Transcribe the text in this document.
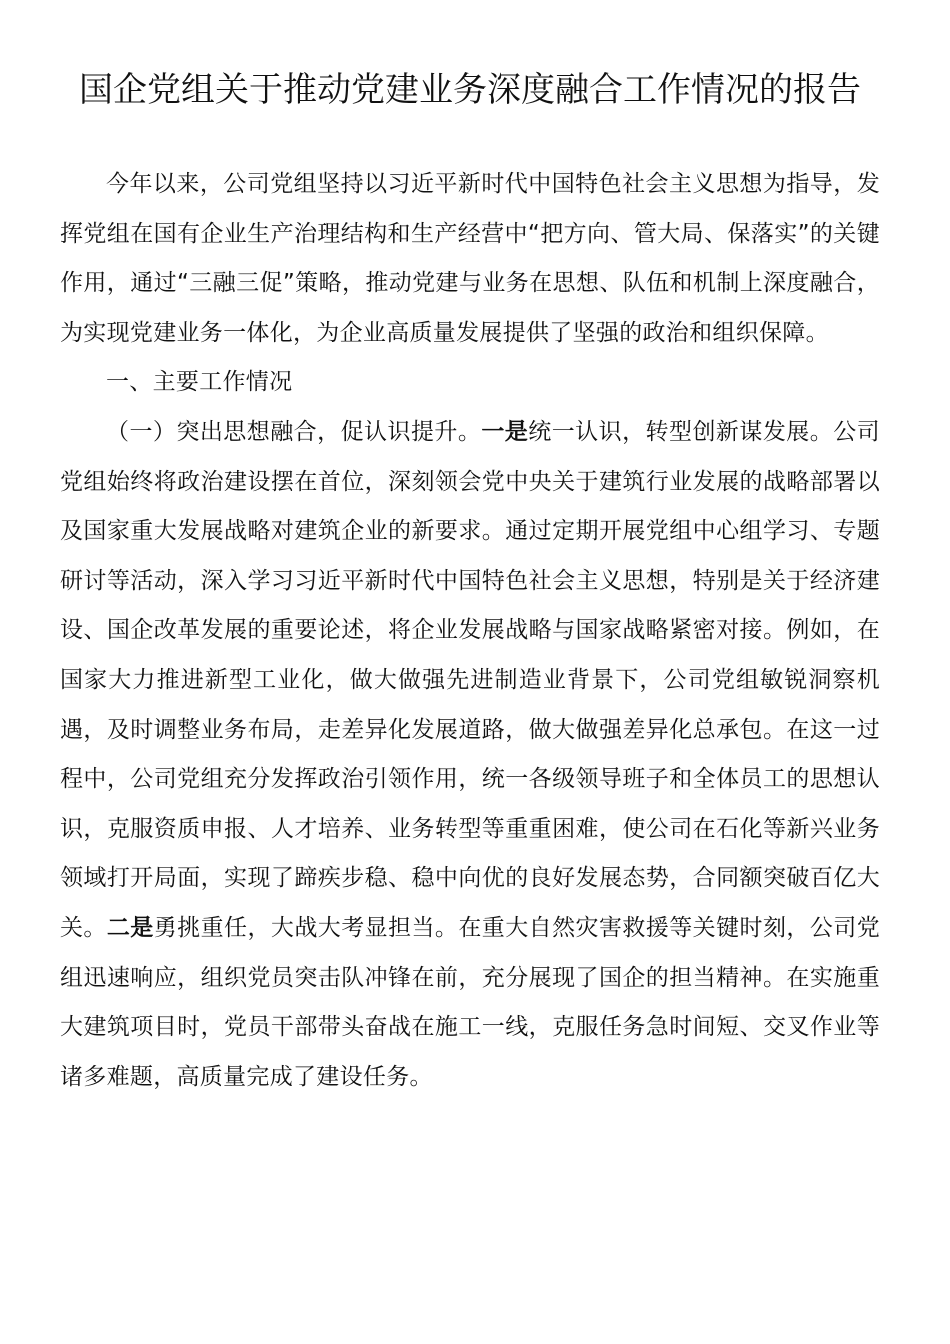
国企党组关于推动党建业务深度融合工作情况的报告

今年以来，公司党组坚持以习近平新时代中国特色社会主义思想为指导，发挥党组在国有企业生产治理结构和生产经营中“把方向、管大局、保落实”的关键作用，通过“三融三促”策略，推动党建与业务在思想、队伍和机制上深度融合，为实现党建业务一体化，为企业高质量发展提供了坚强的政治和组织保障。

一、主要工作情况

（一）突出思想融合，促认识提升。一是统一认识，转型创新谋发展。公司党组始终将政治建设摆在首位，深刻领会党中央关于建筑行业发展的战略部署以及国家重大发展战略对建筑企业的新要求。通过定期开展党组中心组学习、专题研讨等活动，深入学习习近平新时代中国特色社会主义思想，特别是关于经济建设、国企改革发展的重要论述，将企业发展战略与国家战略紧密对接。例如，在国家大力推进新型工业化，做大做强先进制造业背景下，公司党组敏锐洞察机遇，及时调整业务布局，走差异化发展道路，做大做强差异化总承包。在这一过程中，公司党组充分发挥政治引领作用，统一各级领导班子和全体员工的思想认识，克服资质申报、人才培养、业务转型等重重困难，使公司在石化等新兴业务领域打开局面，实现了蹄疾步稳、稳中向优的良好发展态势，合同额突破百亿大关。二是勇挑重任，大战大考显担当。在重大自然灾害救援等关键时刻，公司党组迅速响应，组织党员突击队冲锋在前，充分展现了国企的担当精神。在实施重大建筑项目时，党员干部带头奋战在施工一线，克服任务急时间短、交叉作业等诸多难题，高质量完成了建设任务。
